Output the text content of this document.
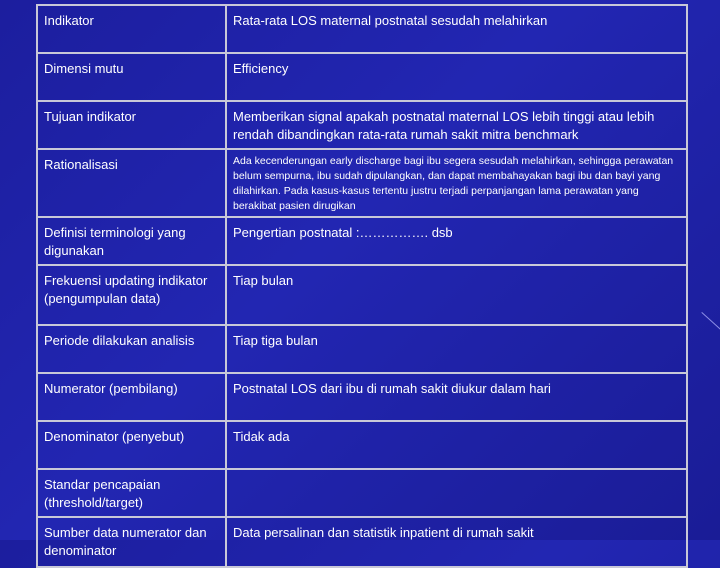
Indikator	Rata-rata LOS maternal postnatal sesudah melahirkan
Dimensi mutu	Efficiency
Tujuan indikator	Memberikan signal apakah postnatal maternal LOS lebih tinggi atau lebih rendah dibandingkan rata-rata rumah sakit mitra benchmark
Rationalisasi	Ada kecenderungan early discharge bagi ibu segera sesudah melahirkan, sehingga perawatan belum sempurna, ibu sudah dipulangkan, dan dapat membahayakan bagi ibu dan bayi yang dilahirkan. Pada kasus-kasus tertentu justru terjadi perpanjangan lama perawatan yang berakibat pasien dirugikan
Definisi terminologi yang digunakan	Pengertian postnatal :……………. dsb
Frekuensi updating indikator (pengumpulan data)	Tiap bulan
Periode dilakukan analisis	Tiap tiga bulan
Numerator (pembilang)	Postnatal LOS dari ibu di rumah sakit diukur dalam hari
Denominator (penyebut)	Tidak ada
Standar pencapaian (threshold/target)	
Sumber data numerator dan denominator	Data persalinan dan statistik inpatient di rumah sakit
